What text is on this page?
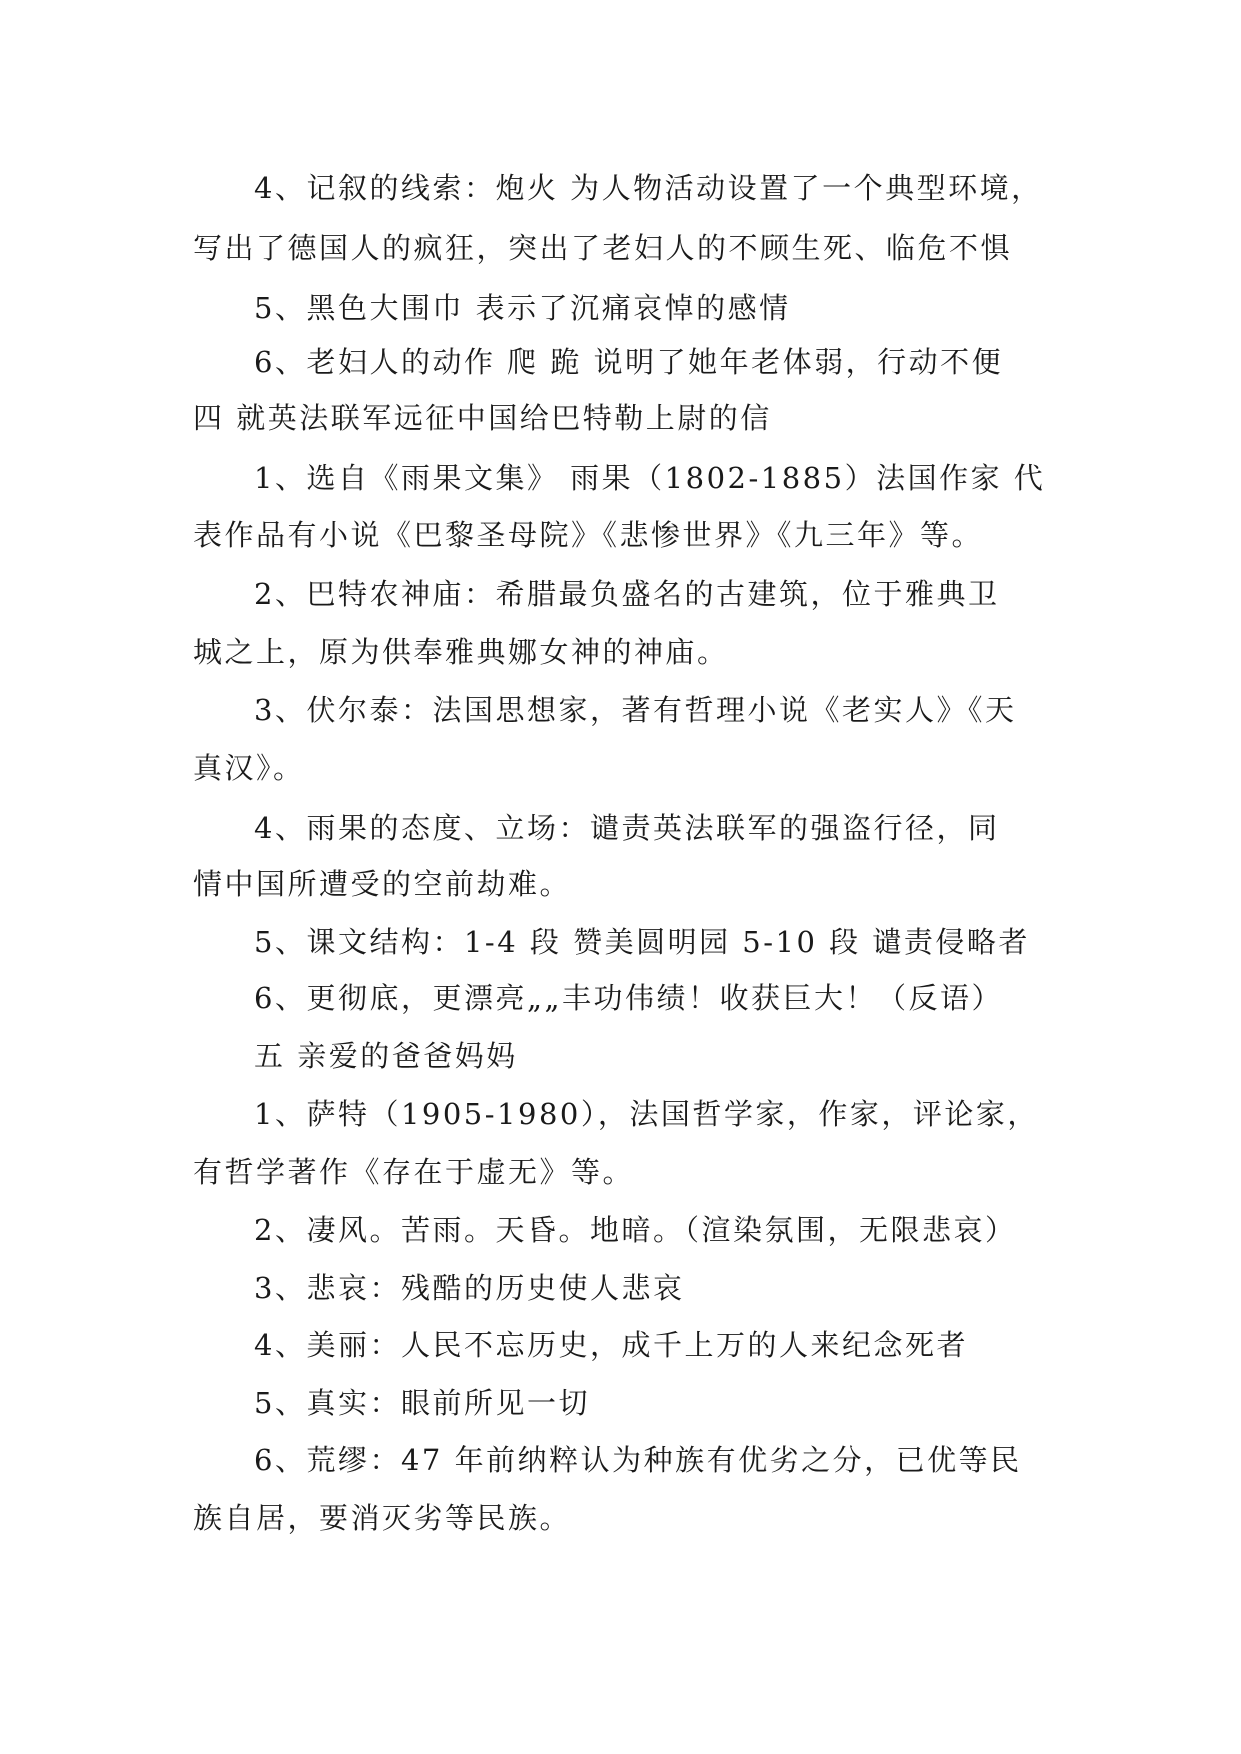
4、记叙的线索：炮火 为人物活动设置了一个典型环境，
写出了德国人的疯狂，突出了老妇人的不顾生死、临危不惧
5、黑色大围巾 表示了沉痛哀悼的感情
6、老妇人的动作 爬 跪 说明了她年老体弱，行动不便
四 就英法联军远征中国给巴特勒上尉的信
1、选自《雨果文集》 雨果（1802-1885）法国作家 代
表作品有小说《巴黎圣母院》《悲惨世界》《九三年》等。
2、巴特农神庙：希腊最负盛名的古建筑，位于雅典卫
城之上，原为供奉雅典娜女神的神庙。
3、伏尔泰：法国思想家，著有哲理小说《老实人》《天
真汉》。
4、雨果的态度、立场：谴责英法联军的强盗行径，同
情中国所遭受的空前劫难。
5、课文结构：1-4 段 赞美圆明园 5-10 段 谴责侵略者
6、更彻底，更漂亮„„丰功伟绩！收获巨大！（反语）
五 亲爱的爸爸妈妈
1、萨特（1905-1980），法国哲学家，作家，评论家，
有哲学著作《存在于虚无》等。
2、凄风。苦雨。天昏。地暗。（渲染氛围，无限悲哀）
3、悲哀：残酷的历史使人悲哀
4、美丽：人民不忘历史，成千上万的人来纪念死者
5、真实：眼前所见一切
6、荒缪：47 年前纳粹认为种族有优劣之分，已优等民
族自居，要消灭劣等民族。
